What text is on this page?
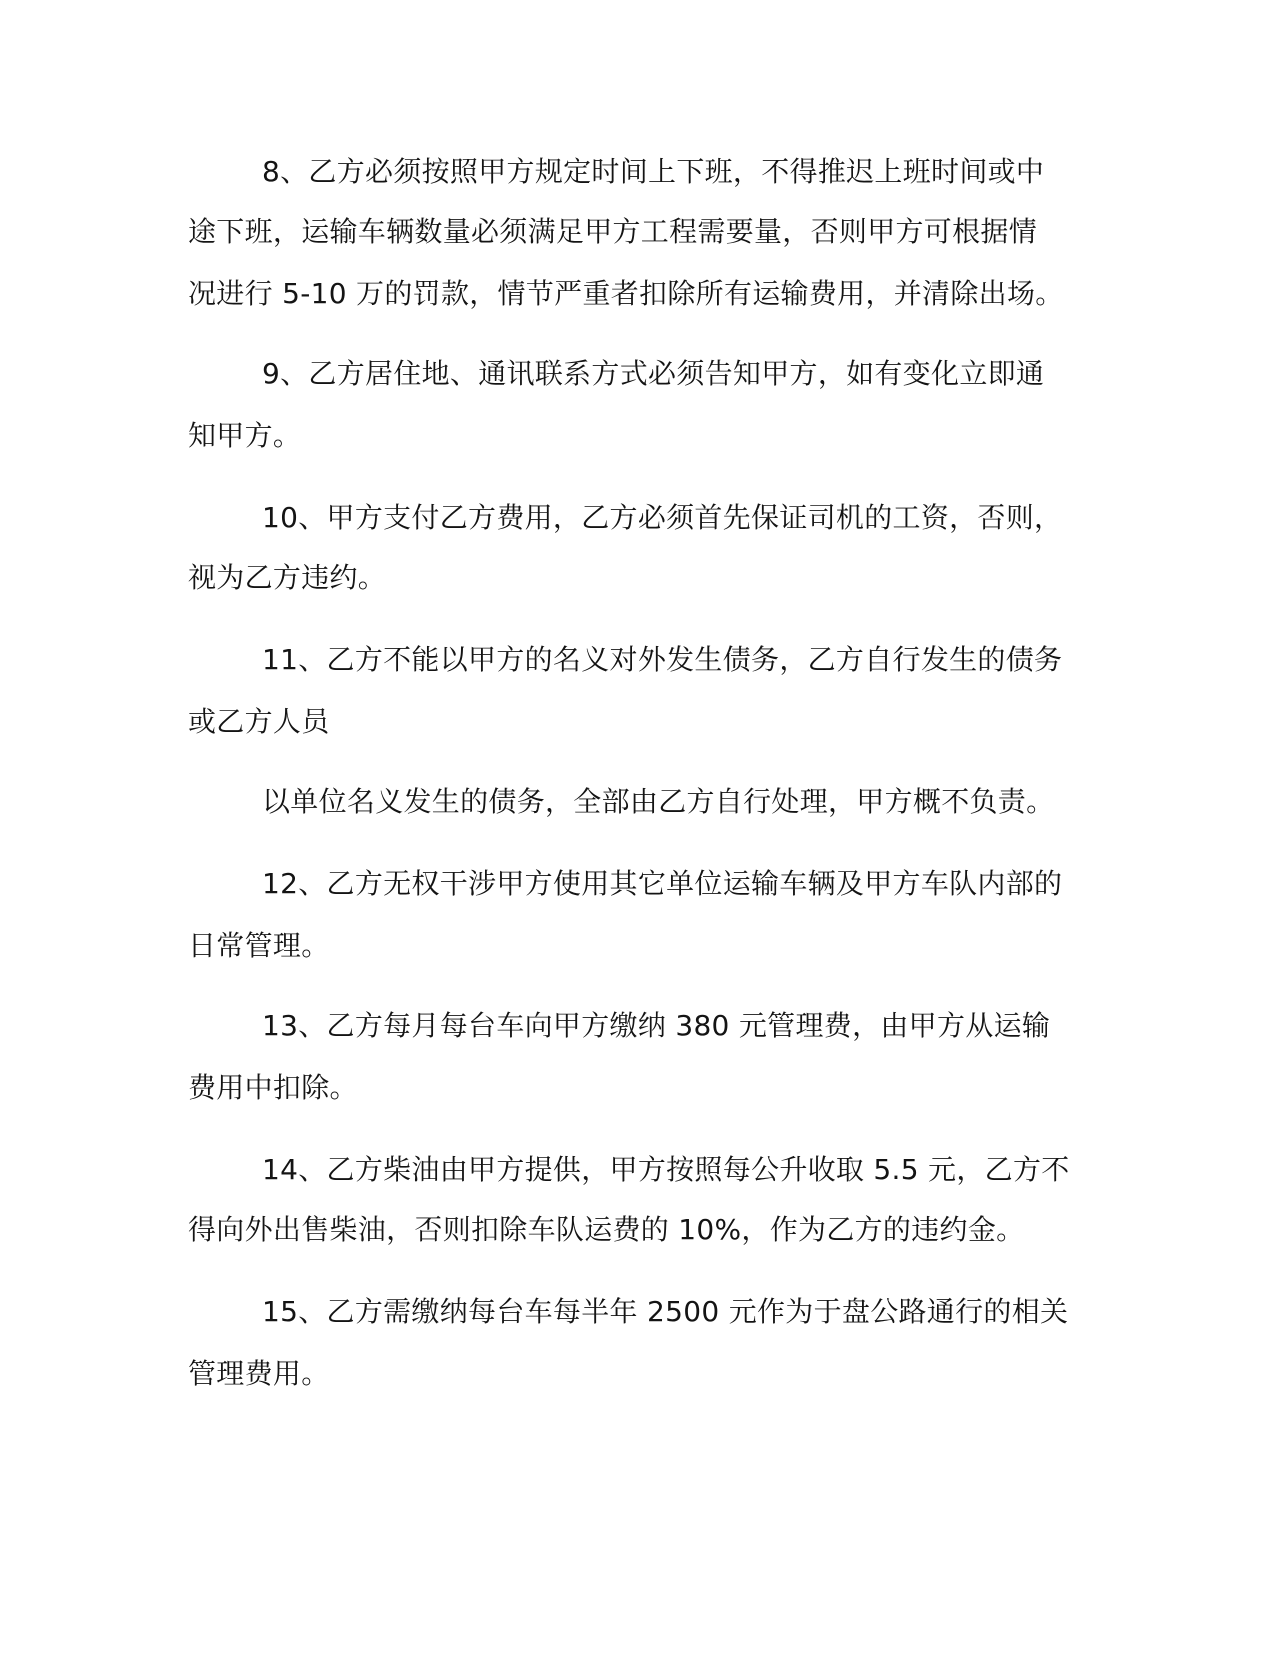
8、乙方必须按照甲方规定时间上下班，不得推迟上班时间或中
途下班，运输车辆数量必须满足甲方工程需要量，否则甲方可根据情
况进行 5-10 万的罚款，情节严重者扣除所有运输费用，并清除出场。
9、乙方居住地、通讯联系方式必须告知甲方，如有变化立即通
知甲方。
10、甲方支付乙方费用，乙方必须首先保证司机的工资，否则，
视为乙方违约。
11、乙方不能以甲方的名义对外发生债务，乙方自行发生的债务
或乙方人员
以单位名义发生的债务，全部由乙方自行处理，甲方概不负责。
12、乙方无权干涉甲方使用其它单位运输车辆及甲方车队内部的
日常管理。
13、乙方每月每台车向甲方缴纳 380 元管理费，由甲方从运输
费用中扣除。
14、乙方柴油由甲方提供，甲方按照每公升收取 5.5 元，乙方不
得向外出售柴油，否则扣除车队运费的 10%，作为乙方的违约金。
15、乙方需缴纳每台车每半年 2500 元作为于盘公路通行的相关
管理费用。
